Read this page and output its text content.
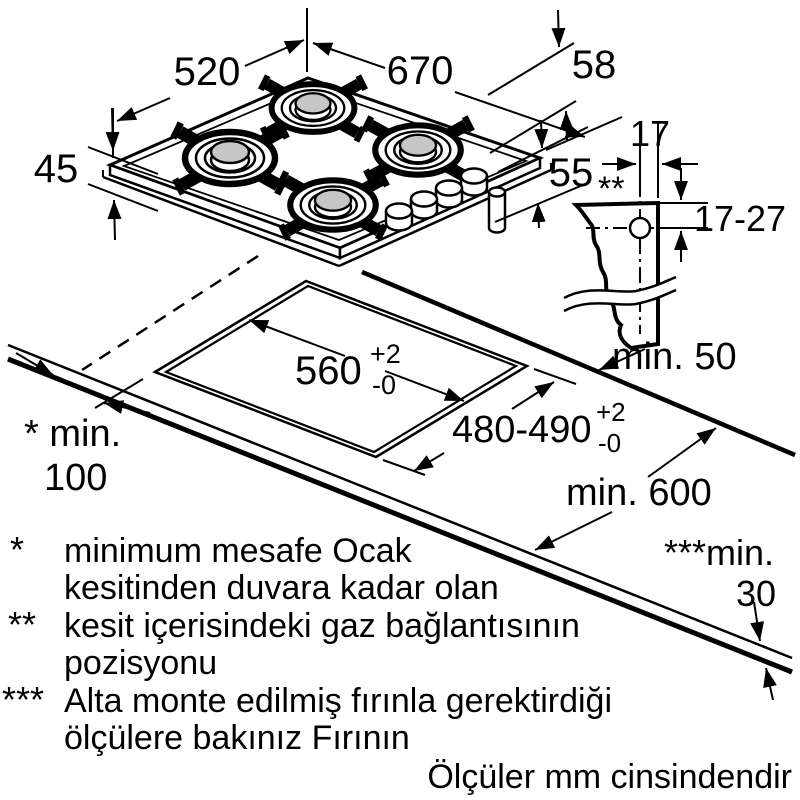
520	670	58
45	55
17
**
17-27
min. 50
560 +2
-0
480-490 +2
-0
* min.
100	min. 600
***min.
30
* minimum mesafe Ocak
kesitinden duvara kadar olan
** kesit içerisindeki gaz bağlantısının
pozisyonu
*** Alta monte edilmiş fırınla gerektirdiği
ölçülere bakınız Fırının
Ölçüler mm cinsindendir
